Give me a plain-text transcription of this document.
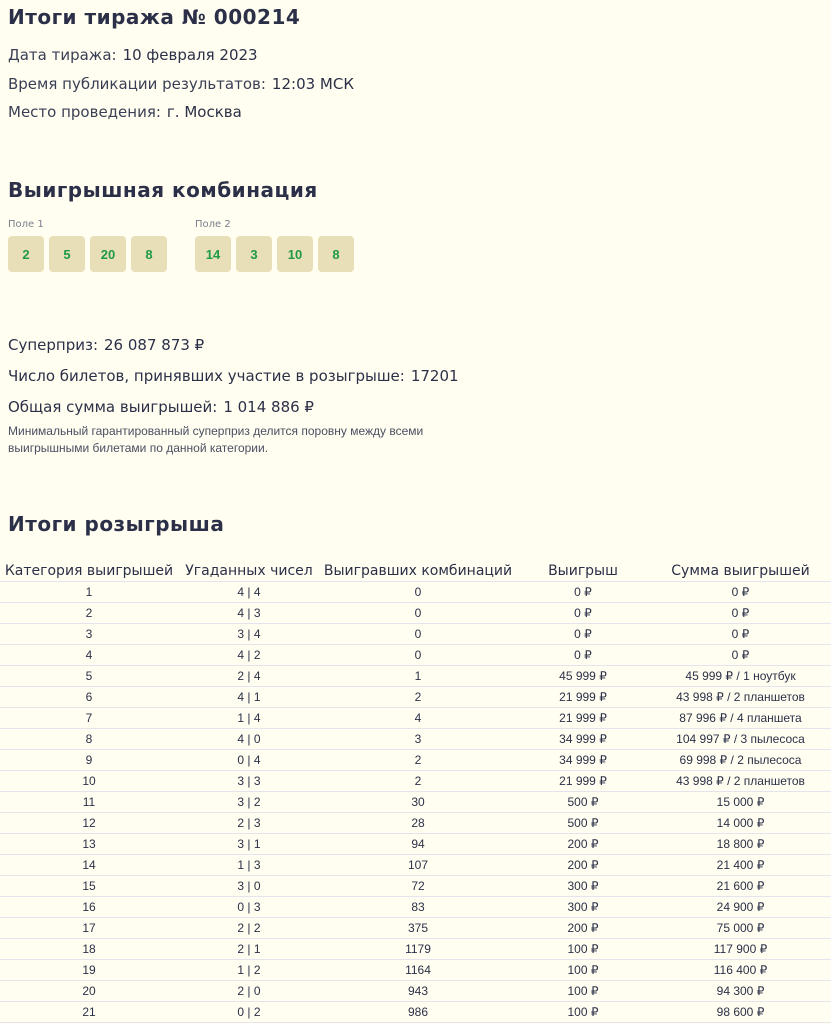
Итоги тиража № 000214
Дата тиража: 10 февраля 2023
Время публикации результатов: 12:03 МСК
Место проведения: г. Москва
Выигрышная комбинация
Поле 1	Поле 2
2	5	20	8	14	3	10	8
Суперприз: 26 087 873 ₽
Число билетов, принявших участие в розыгрыше: 17201
Общая сумма выигрышей: 1 014 886 ₽
Минимальный гарантированный суперприз делится поровну между всеми выигрышными билетами по данной категории.
Итоги розыгрыша
Категория выигрышей	Угаданных чисел	Выигравших комбинаций	Выигрыш	Сумма выигрышей
1	4 | 4	0	0 ₽	0 ₽
2	4 | 3	0	0 ₽	0 ₽
3	3 | 4	0	0 ₽	0 ₽
4	4 | 2	0	0 ₽	0 ₽
5	2 | 4	1	45 999 ₽	45 999 ₽ / 1 ноутбук
6	4 | 1	2	21 999 ₽	43 998 ₽ / 2 планшетов
7	1 | 4	4	21 999 ₽	87 996 ₽ / 4 планшета
8	4 | 0	3	34 999 ₽	104 997 ₽ / 3 пылесоса
9	0 | 4	2	34 999 ₽	69 998 ₽ / 2 пылесоса
10	3 | 3	2	21 999 ₽	43 998 ₽ / 2 планшетов
11	3 | 2	30	500 ₽	15 000 ₽
12	2 | 3	28	500 ₽	14 000 ₽
13	3 | 1	94	200 ₽	18 800 ₽
14	1 | 3	107	200 ₽	21 400 ₽
15	3 | 0	72	300 ₽	21 600 ₽
16	0 | 3	83	300 ₽	24 900 ₽
17	2 | 2	375	200 ₽	75 000 ₽
18	2 | 1	1179	100 ₽	117 900 ₽
19	1 | 2	1164	100 ₽	116 400 ₽
20	2 | 0	943	100 ₽	94 300 ₽
21	0 | 2	986	100 ₽	98 600 ₽
